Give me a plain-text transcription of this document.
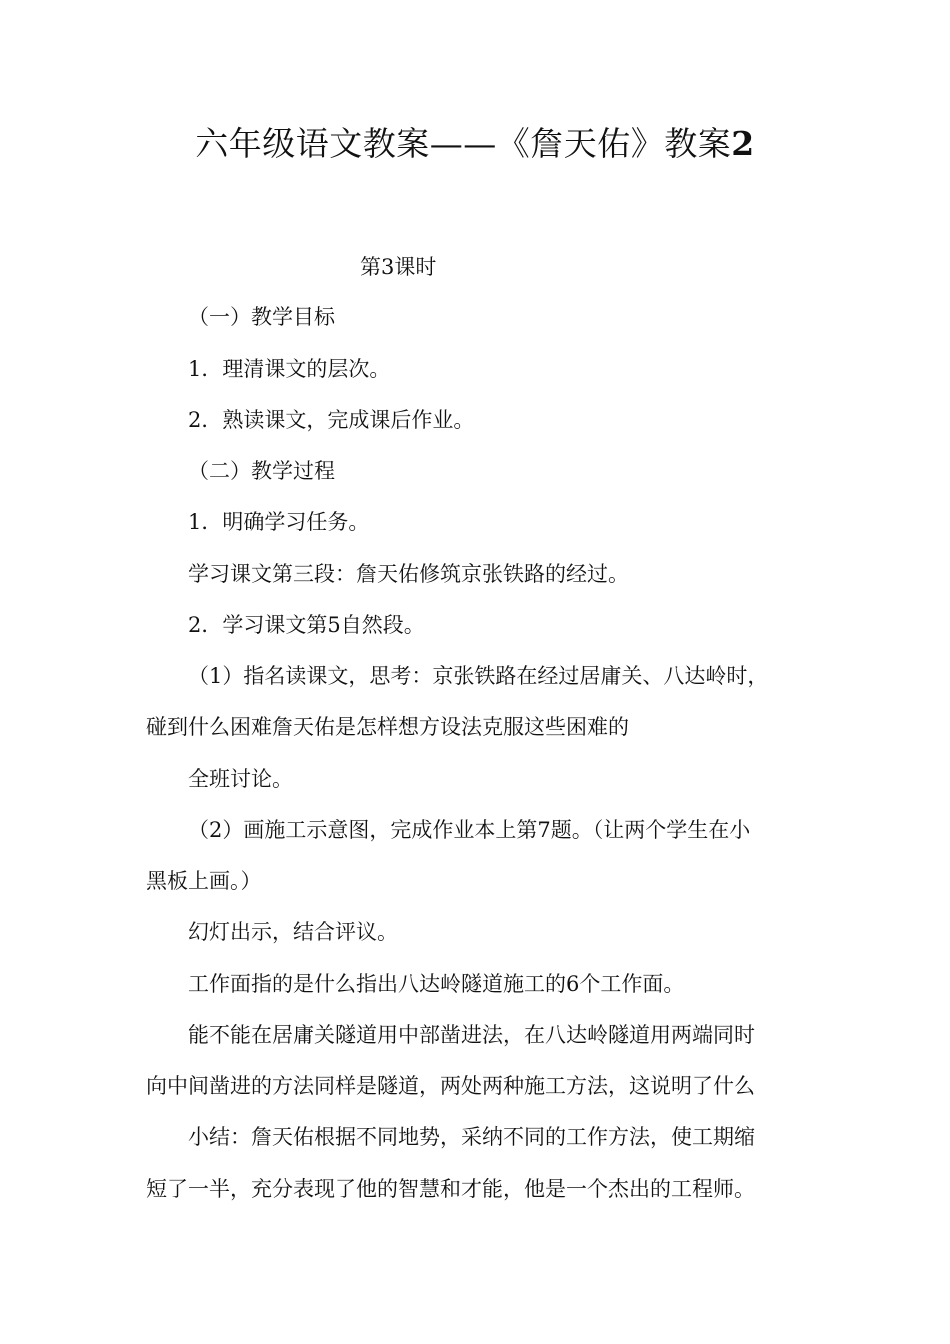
六年级语文教案——《詹天佑》教案2

第3课时

（一）教学目标

1．理清课文的层次。

2．熟读课文，完成课后作业。

（二）教学过程

1．明确学习任务。

学习课文第三段：詹天佑修筑京张铁路的经过。

2．学习课文第5自然段。

（1）指名读课文，思考：京张铁路在经过居庸关、八达岭时，

碰到什么困难詹天佑是怎样想方设法克服这些困难的

全班讨论。

（2）画施工示意图，完成作业本上第7题。（让两个学生在小

黑板上画。）

幻灯出示，结合评议。

工作面指的是什么指出八达岭隧道施工的6个工作面。

能不能在居庸关隧道用中部凿进法，在八达岭隧道用两端同时

向中间凿进的方法同样是隧道，两处两种施工方法，这说明了什么

小结：詹天佑根据不同地势，采纳不同的工作方法，使工期缩

短了一半，充分表现了他的智慧和才能，他是一个杰出的工程师。
